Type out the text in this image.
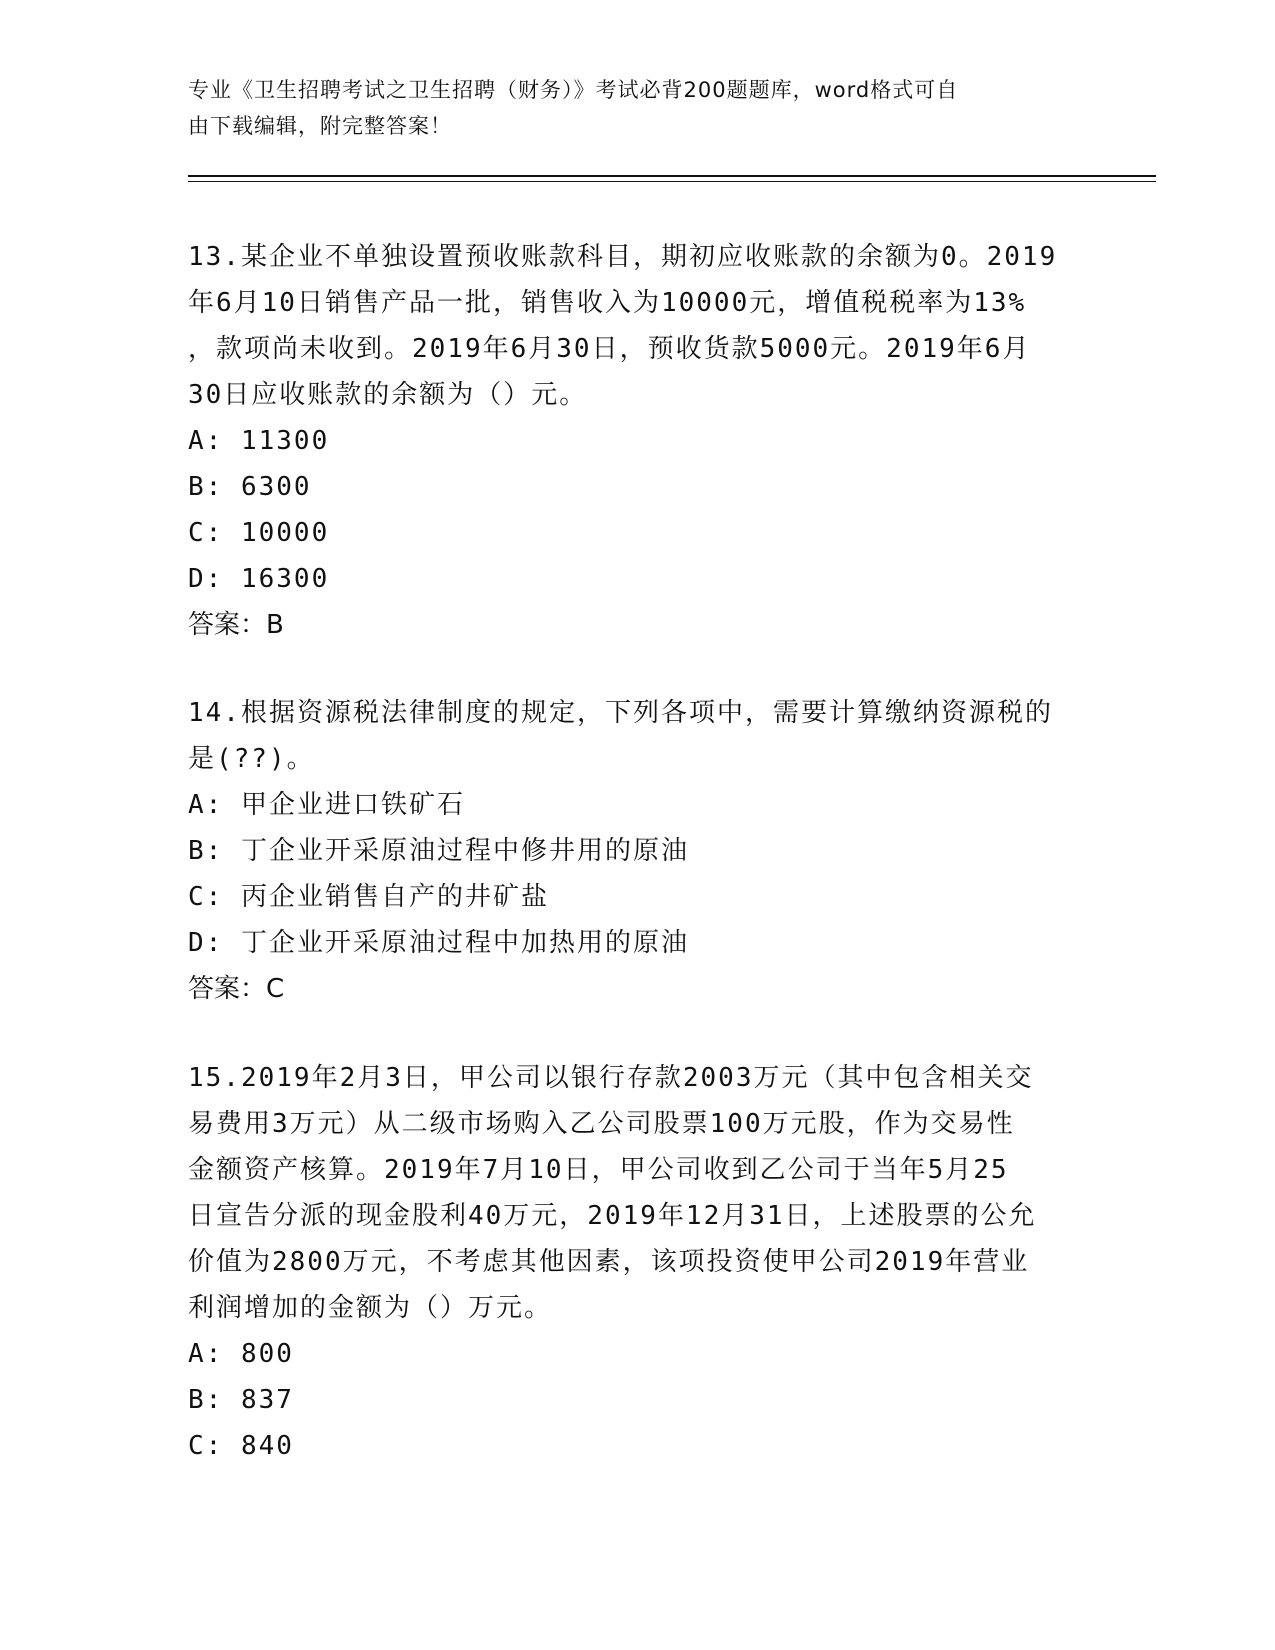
专业《卫生招聘考试之卫生招聘（财务）》考试必背200题题库，word格式可自
由下载编辑，附完整答案！

13.某企业不单独设置预收账款科目，期初应收账款的余额为0。2019

年6月10日销售产品一批，销售收入为10000元，增值税税率为13%

，款项尚未收到。2019年6月30日，预收货款5000元。2019年6月

30日应收账款的余额为（）元。

A: 11300

B: 6300

C: 10000

D: 16300

答案：B

14.根据资源税法律制度的规定，下列各项中，需要计算缴纳资源税的

是(??)。

A: 甲企业进口铁矿石

B: 丁企业开采原油过程中修井用的原油

C: 丙企业销售自产的井矿盐

D: 丁企业开采原油过程中加热用的原油

答案：C

15.2019年2月3日，甲公司以银行存款2003万元（其中包含相关交

易费用3万元）从二级市场购入乙公司股票100万元股，作为交易性

金额资产核算。2019年7月10日，甲公司收到乙公司于当年5月25

日宣告分派的现金股利40万元，2019年12月31日，上述股票的公允

价值为2800万元，不考虑其他因素，该项投资使甲公司2019年营业

利润增加的金额为（）万元。

A: 800

B: 837

C: 840
